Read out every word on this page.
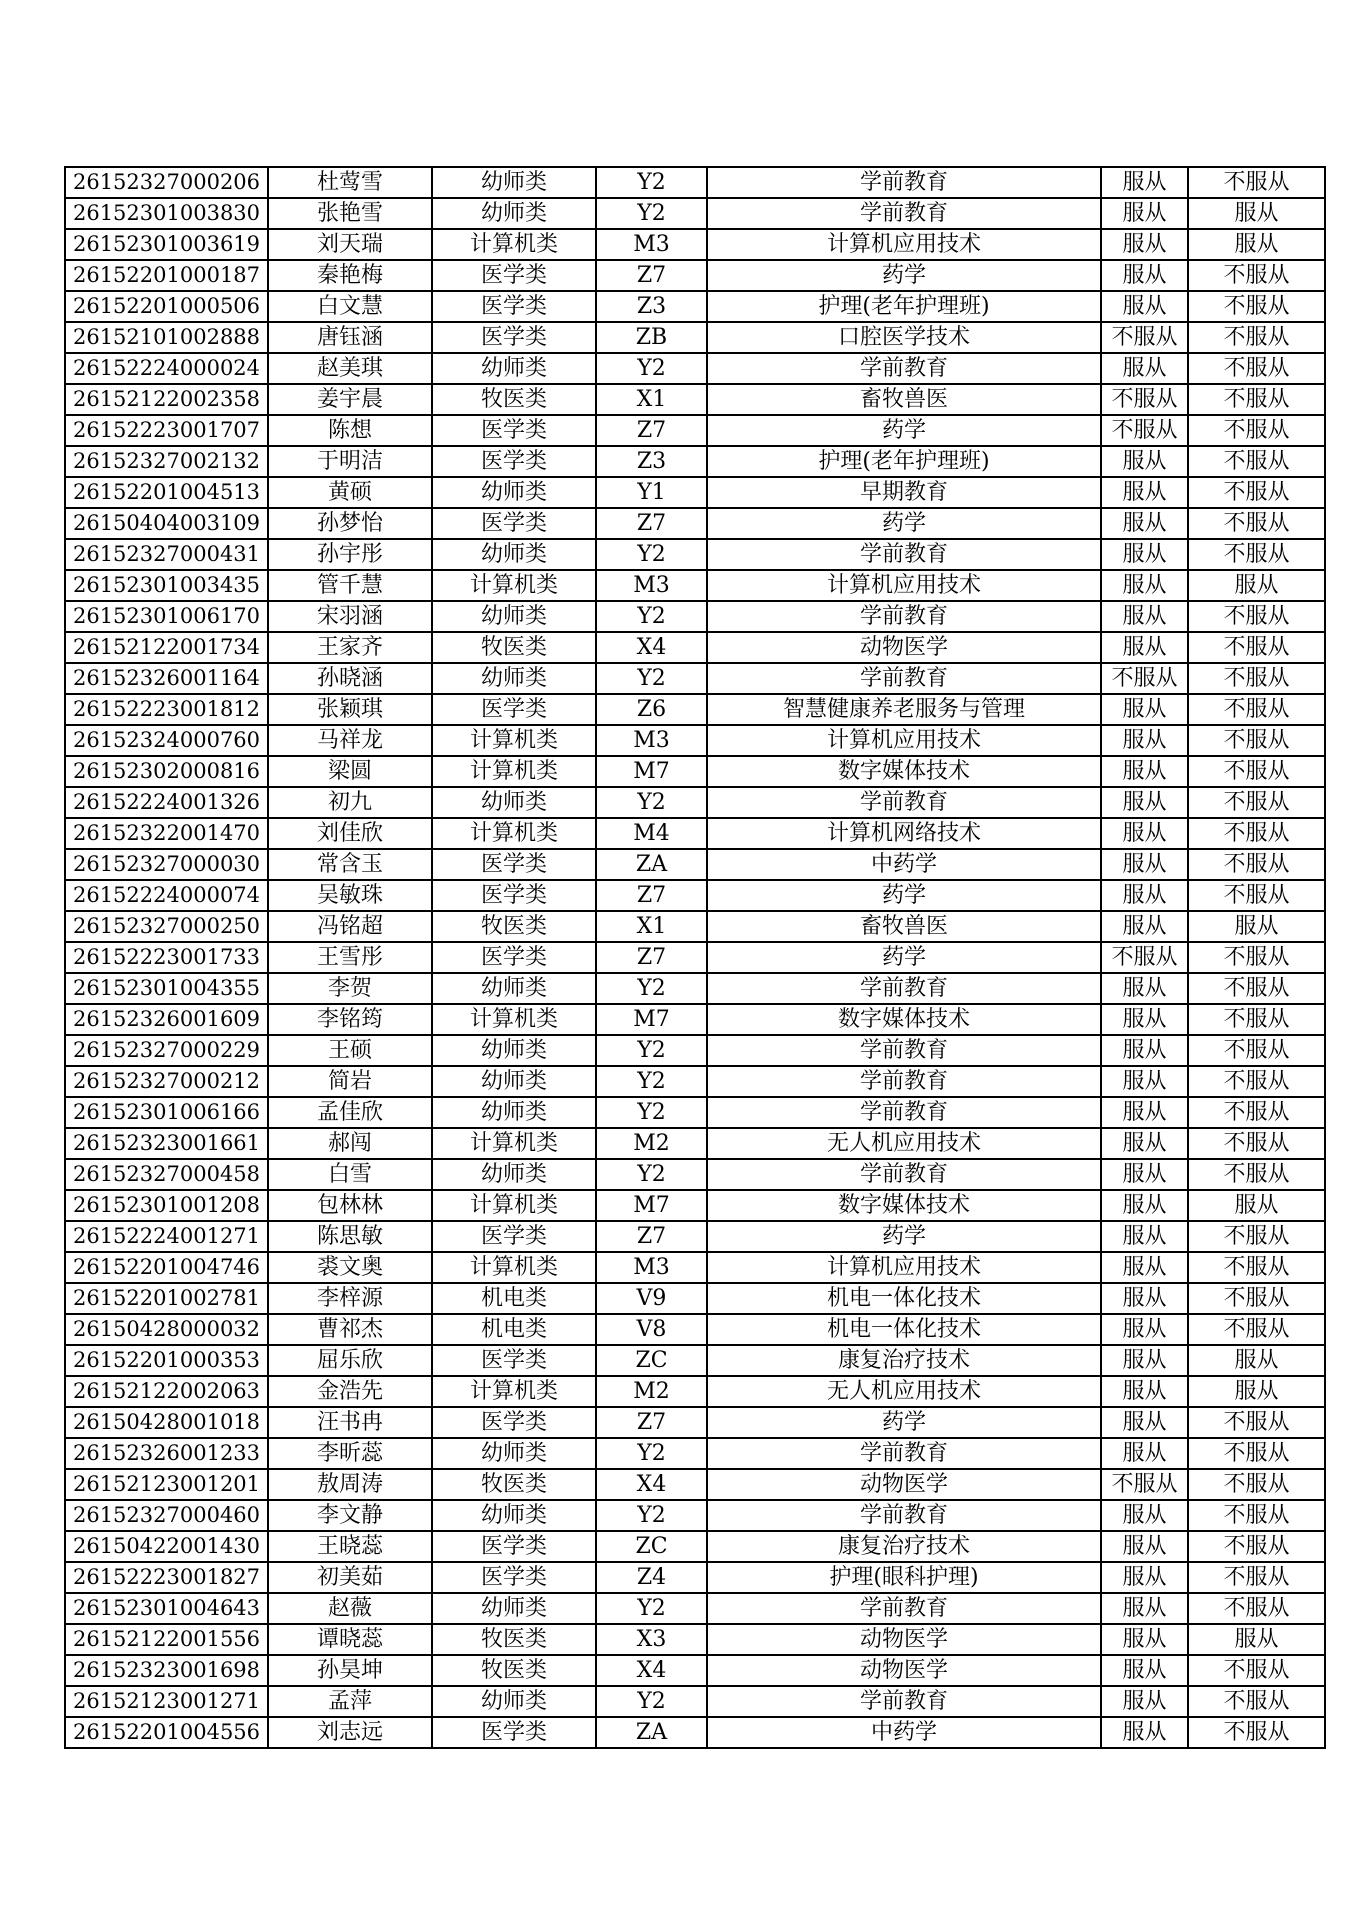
26152327000206	杜莺雪	幼师类	Y2	学前教育	服从	不服从
26152301003830	张艳雪	幼师类	Y2	学前教育	服从	服从
26152301003619	刘天瑞	计算机类	M3	计算机应用技术	服从	服从
26152201000187	秦艳梅	医学类	Z7	药学	服从	不服从
26152201000506	白文慧	医学类	Z3	护理(老年护理班)	服从	不服从
26152101002888	唐钰涵	医学类	ZB	口腔医学技术	不服从	不服从
26152224000024	赵美琪	幼师类	Y2	学前教育	服从	不服从
26152122002358	姜宇晨	牧医类	X1	畜牧兽医	不服从	不服从
26152223001707	陈想	医学类	Z7	药学	不服从	不服从
26152327002132	于明洁	医学类	Z3	护理(老年护理班)	服从	不服从
26152201004513	黄硕	幼师类	Y1	早期教育	服从	不服从
26150404003109	孙梦怡	医学类	Z7	药学	服从	不服从
26152327000431	孙宇彤	幼师类	Y2	学前教育	服从	不服从
26152301003435	管千慧	计算机类	M3	计算机应用技术	服从	服从
26152301006170	宋羽涵	幼师类	Y2	学前教育	服从	不服从
26152122001734	王家齐	牧医类	X4	动物医学	服从	不服从
26152326001164	孙晓涵	幼师类	Y2	学前教育	不服从	不服从
26152223001812	张颖琪	医学类	Z6	智慧健康养老服务与管理	服从	不服从
26152324000760	马祥龙	计算机类	M3	计算机应用技术	服从	不服从
26152302000816	梁圆	计算机类	M7	数字媒体技术	服从	不服从
26152224001326	初九	幼师类	Y2	学前教育	服从	不服从
26152322001470	刘佳欣	计算机类	M4	计算机网络技术	服从	不服从
26152327000030	常含玉	医学类	ZA	中药学	服从	不服从
26152224000074	吴敏珠	医学类	Z7	药学	服从	不服从
26152327000250	冯铭超	牧医类	X1	畜牧兽医	服从	服从
26152223001733	王雪彤	医学类	Z7	药学	不服从	不服从
26152301004355	李贺	幼师类	Y2	学前教育	服从	不服从
26152326001609	李铭筠	计算机类	M7	数字媒体技术	服从	不服从
26152327000229	王硕	幼师类	Y2	学前教育	服从	不服从
26152327000212	简岩	幼师类	Y2	学前教育	服从	不服从
26152301006166	孟佳欣	幼师类	Y2	学前教育	服从	不服从
26152323001661	郝闯	计算机类	M2	无人机应用技术	服从	不服从
26152327000458	白雪	幼师类	Y2	学前教育	服从	不服从
26152301001208	包林林	计算机类	M7	数字媒体技术	服从	服从
26152224001271	陈思敏	医学类	Z7	药学	服从	不服从
26152201004746	裘文奥	计算机类	M3	计算机应用技术	服从	不服从
26152201002781	李梓源	机电类	V9	机电一体化技术	服从	不服从
26150428000032	曹祁杰	机电类	V8	机电一体化技术	服从	不服从
26152201000353	屈乐欣	医学类	ZC	康复治疗技术	服从	服从
26152122002063	金浩先	计算机类	M2	无人机应用技术	服从	服从
26150428001018	汪书冉	医学类	Z7	药学	服从	不服从
26152326001233	李昕蕊	幼师类	Y2	学前教育	服从	不服从
26152123001201	敖周涛	牧医类	X4	动物医学	不服从	不服从
26152327000460	李文静	幼师类	Y2	学前教育	服从	不服从
26150422001430	王晓蕊	医学类	ZC	康复治疗技术	服从	不服从
26152223001827	初美茹	医学类	Z4	护理(眼科护理)	服从	不服从
26152301004643	赵薇	幼师类	Y2	学前教育	服从	不服从
26152122001556	谭晓蕊	牧医类	X3	动物医学	服从	服从
26152323001698	孙昊坤	牧医类	X4	动物医学	服从	不服从
26152123001271	孟萍	幼师类	Y2	学前教育	服从	不服从
26152201004556	刘志远	医学类	ZA	中药学	服从	不服从
